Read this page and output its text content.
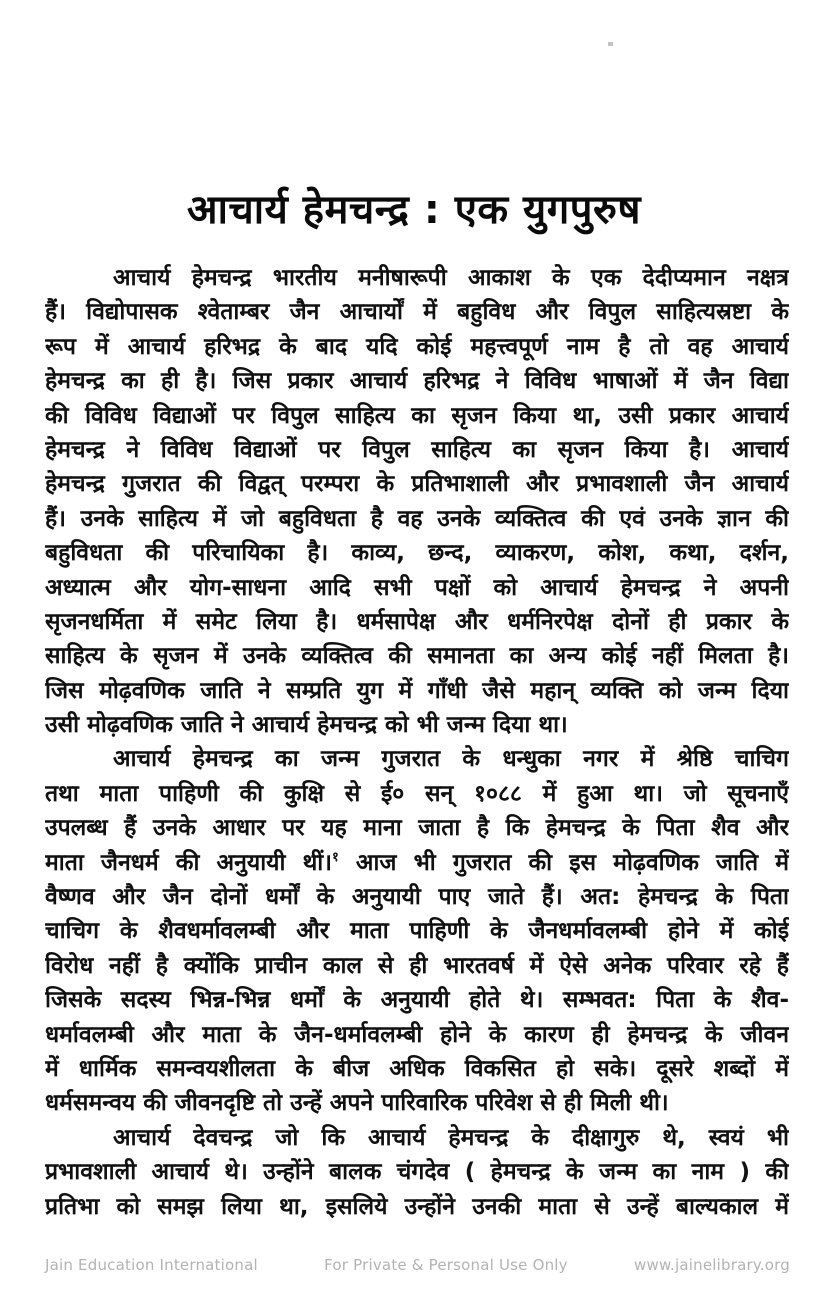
आचार्य हेमचन्द्र : एक युगपुरुष
आचार्य हेमचन्द्र भारतीय मनीषारूपी आकाश के एक देदीप्यमान नक्षत्र
हैं। विद्योपासक श्वेताम्बर जैन आचार्यों में बहुविध और विपुल साहित्यस्रष्टा के
रूप में आचार्य हरिभद्र के बाद यदि कोई महत्त्वपूर्ण नाम है तो वह आचार्य
हेमचन्द्र का ही है। जिस प्रकार आचार्य हरिभद्र ने विविध भाषाओं में जैन विद्या
की विविध विद्याओं पर विपुल साहित्य का सृजन किया था, उसी प्रकार आचार्य
हेमचन्द्र ने विविध विद्याओं पर विपुल साहित्य का सृजन किया है। आचार्य
हेमचन्द्र गुजरात की विद्वत् परम्परा के प्रतिभाशाली और प्रभावशाली जैन आचार्य
हैं। उनके साहित्य में जो बहुविधता है वह उनके व्यक्तित्व की एवं उनके ज्ञान की
बहुविधता की परिचायिका है। काव्य, छन्द, व्याकरण, कोश, कथा, दर्शन,
अध्यात्म और योग-साधना आदि सभी पक्षों को आचार्य हेमचन्द्र ने अपनी
सृजनधर्मिता में समेट लिया है। धर्मसापेक्ष और धर्मनिरपेक्ष दोनों ही प्रकार के
साहित्य के सृजन में उनके व्यक्तित्व की समानता का अन्य कोई नहीं मिलता है।
जिस मोढ़वणिक जाति ने सम्प्रति युग में गाँधी जैसे महान् व्यक्ति को जन्म दिया
उसी मोढ़वणिक जाति ने आचार्य हेमचन्द्र को भी जन्म दिया था।
आचार्य हेमचन्द्र का जन्म गुजरात के धन्धुका नगर में श्रेष्ठि चाचिग
तथा माता पाहिणी की कुक्षि से ई० सन् १०८८ में हुआ था। जो सूचनाएँ
उपलब्ध हैं उनके आधार पर यह माना जाता है कि हेमचन्द्र के पिता शैव और
माता जैनधर्म की अनुयायी थीं।$^१$ आज भी गुजरात की इस मोढ़वणिक जाति में
वैष्णव और जैन दोनों धर्मों के अनुयायी पाए जाते हैं। अत: हेमचन्द्र के पिता
चाचिग के शैवधर्मावलम्बी और माता पाहिणी के जैनधर्मावलम्बी होने में कोई
विरोध नहीं है क्योंकि प्राचीन काल से ही भारतवर्ष में ऐसे अनेक परिवार रहे हैं
जिसके सदस्य भिन्न-भिन्न धर्मों के अनुयायी होते थे। सम्भवत: पिता के शैव-
धर्मावलम्बी और माता के जैन-धर्मावलम्बी होने के कारण ही हेमचन्द्र के जीवन
में धार्मिक समन्वयशीलता के बीज अधिक विकसित हो सके। दूसरे शब्दों में
धर्मसमन्वय की जीवनदृष्टि तो उन्हें अपने पारिवारिक परिवेश से ही मिली थी।
आचार्य देवचन्द्र जो कि आचार्य हेमचन्द्र के दीक्षागुरु थे, स्वयं भी
प्रभावशाली आचार्य थे। उन्होंने बालक चंगदेव ( हेमचन्द्र के जन्म का नाम ) की
प्रतिभा को समझ लिया था, इसलिये उन्होंने उनकी माता से उन्हें बाल्यकाल में
Jain Education International	For Private & Personal Use Only	www.jainelibrary.org
